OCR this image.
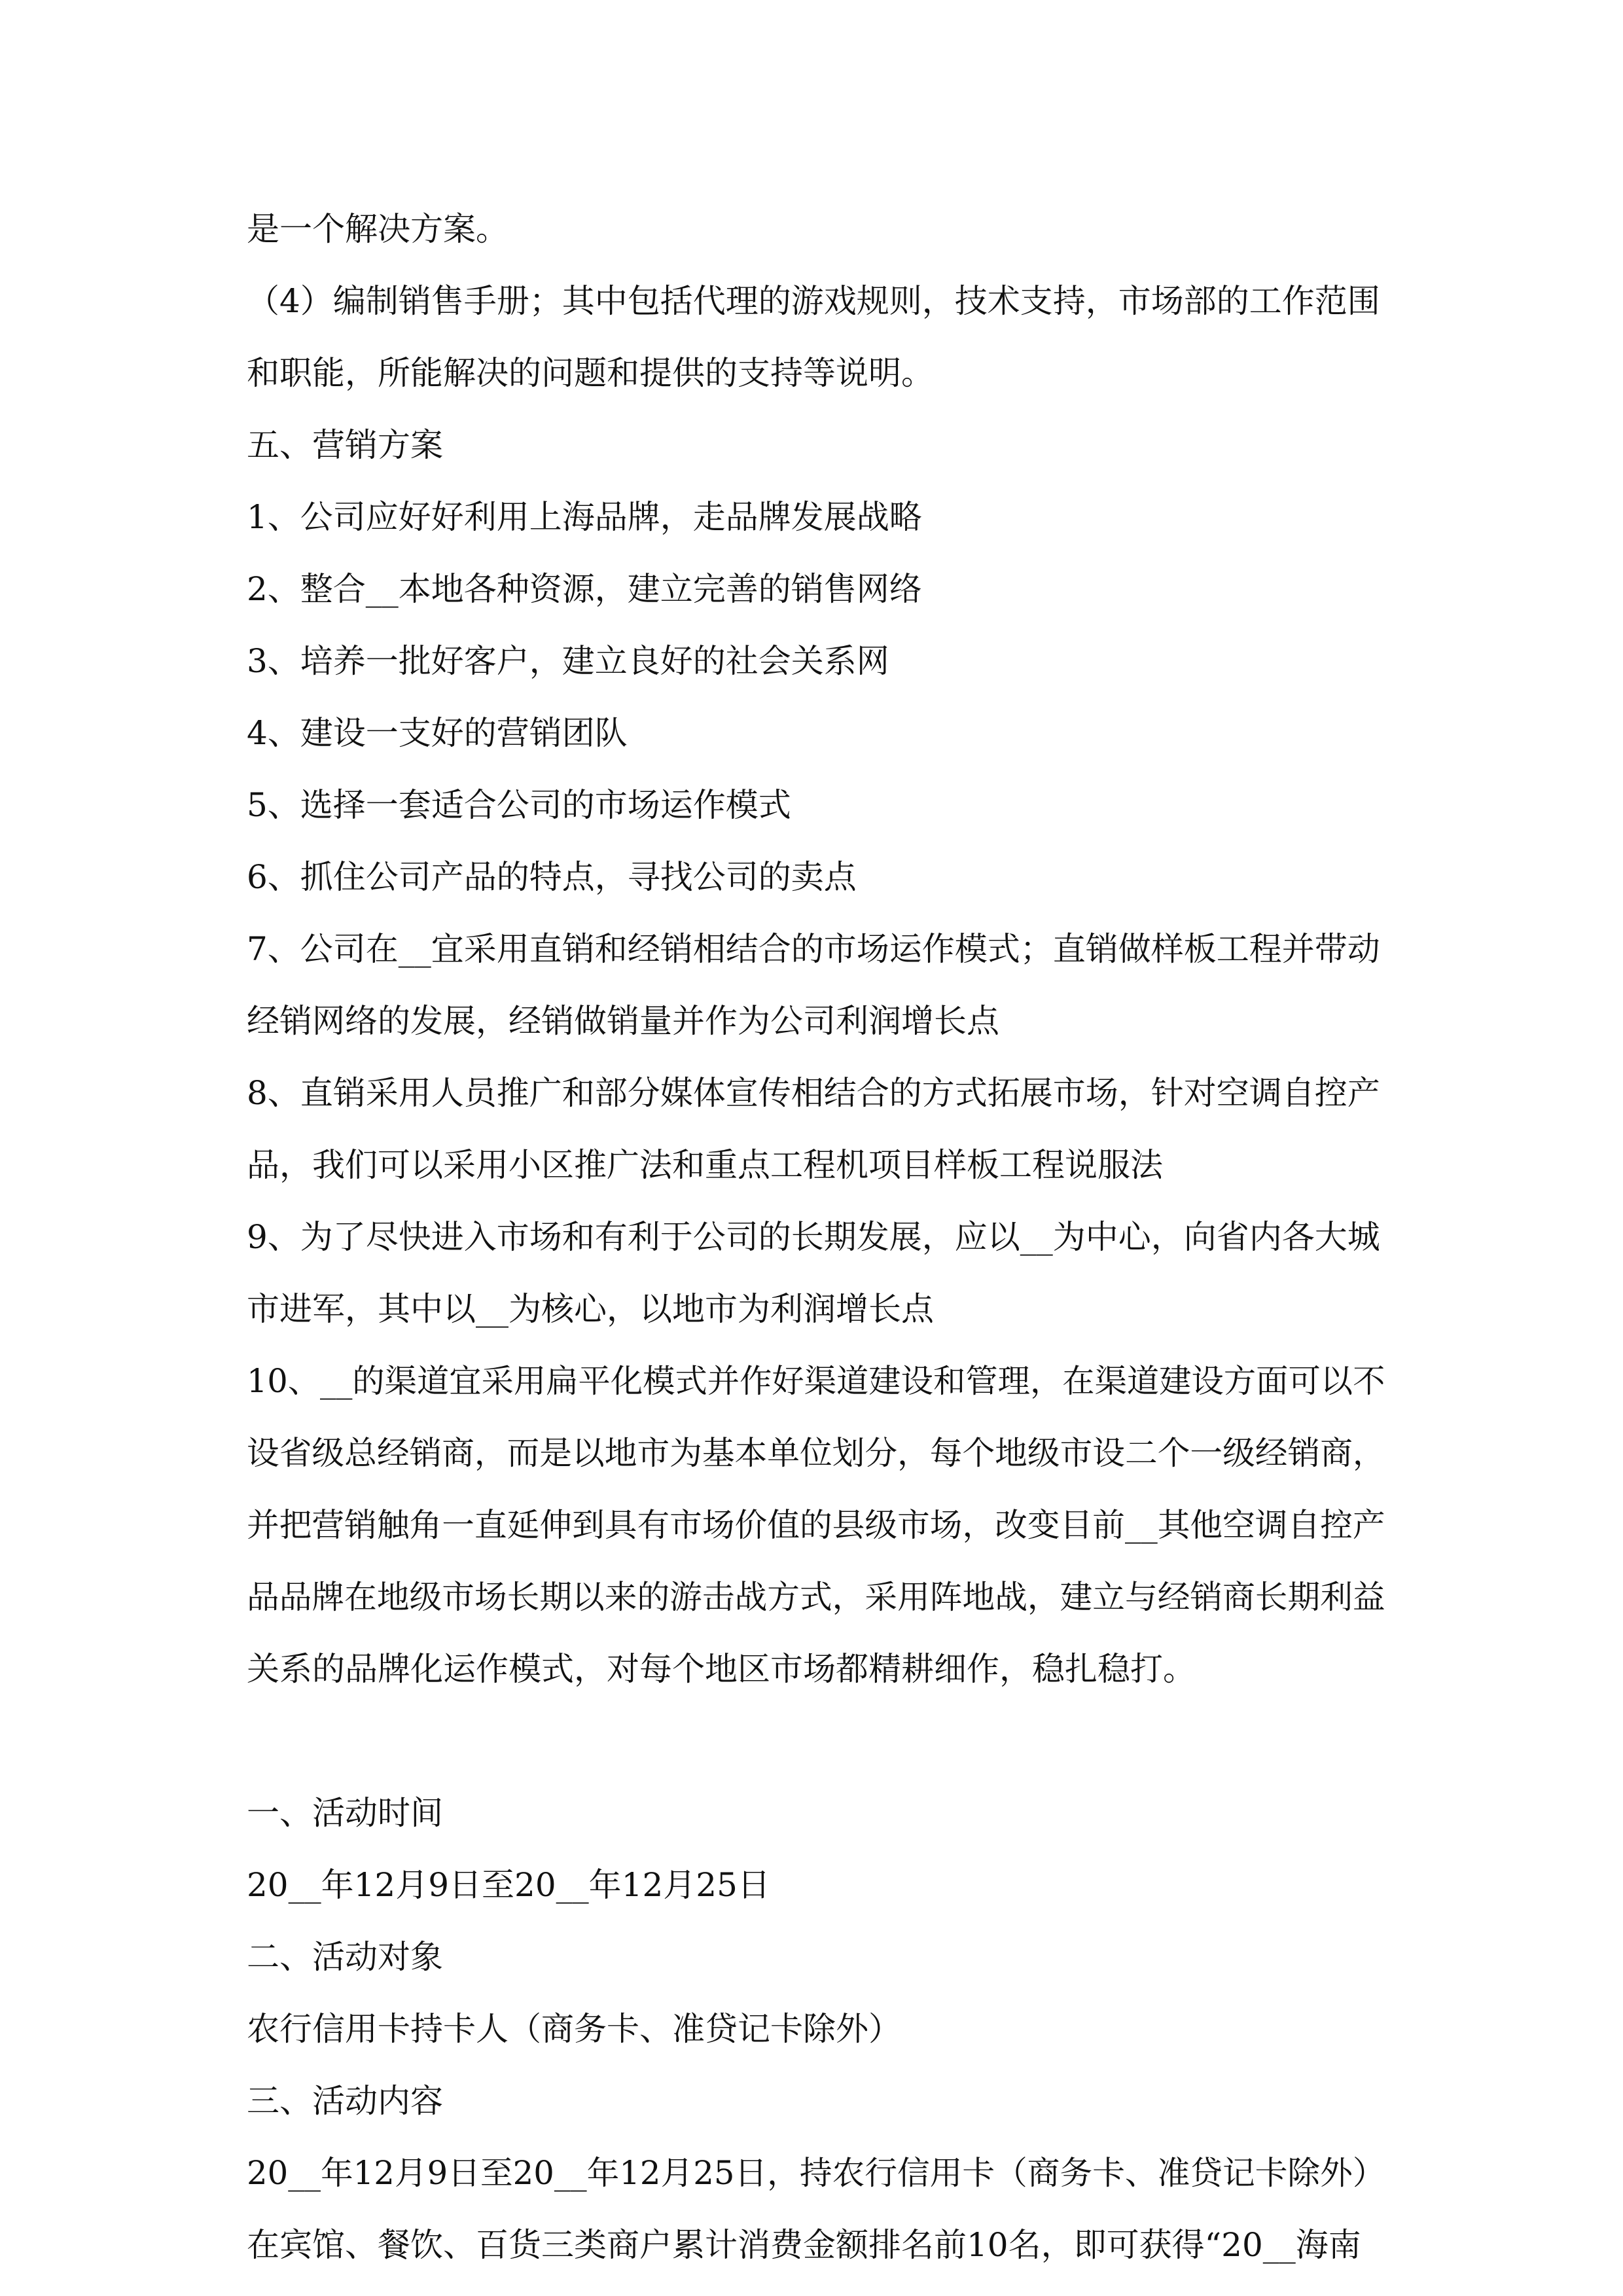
是一个解决方案。

（4）编制销售手册；其中包括代理的游戏规则，技术支持，市场部的工作范围

和职能，所能解决的问题和提供的支持等说明。

五、营销方案

1、公司应好好利用上海品牌，走品牌发展战略

2、整合__本地各种资源，建立完善的销售网络

3、培养一批好客户，建立良好的社会关系网

4、建设一支好的营销团队

5、选择一套适合公司的市场运作模式

6、抓住公司产品的特点，寻找公司的卖点

7、公司在__宜采用直销和经销相结合的市场运作模式；直销做样板工程并带动

经销网络的发展，经销做销量并作为公司利润增长点

8、直销采用人员推广和部分媒体宣传相结合的方式拓展市场，针对空调自控产

品，我们可以采用小区推广法和重点工程机项目样板工程说服法

9、为了尽快进入市场和有利于公司的长期发展，应以__为中心，向省内各大城

市进军，其中以__为核心，以地市为利润增长点

10、__的渠道宜采用扁平化模式并作好渠道建设和管理，在渠道建设方面可以不

设省级总经销商，而是以地市为基本单位划分，每个地级市设二个一级经销商，

并把营销触角一直延伸到具有市场价值的县级市场，改变目前__其他空调自控产

品品牌在地级市场长期以来的游击战方式，采用阵地战，建立与经销商长期利益

关系的品牌化运作模式，对每个地区市场都精耕细作，稳扎稳打。

一、活动时间

20__年12月9日至20__年12月25日

二、活动对象

农行信用卡持卡人（商务卡、准贷记卡除外）

三、活动内容

20__年12月9日至20__年12月25日，持农行信用卡（商务卡、准贷记卡除外）

在宾馆、餐饮、百货三类商户累计消费金额排名前10名，即可获得“20__海南
